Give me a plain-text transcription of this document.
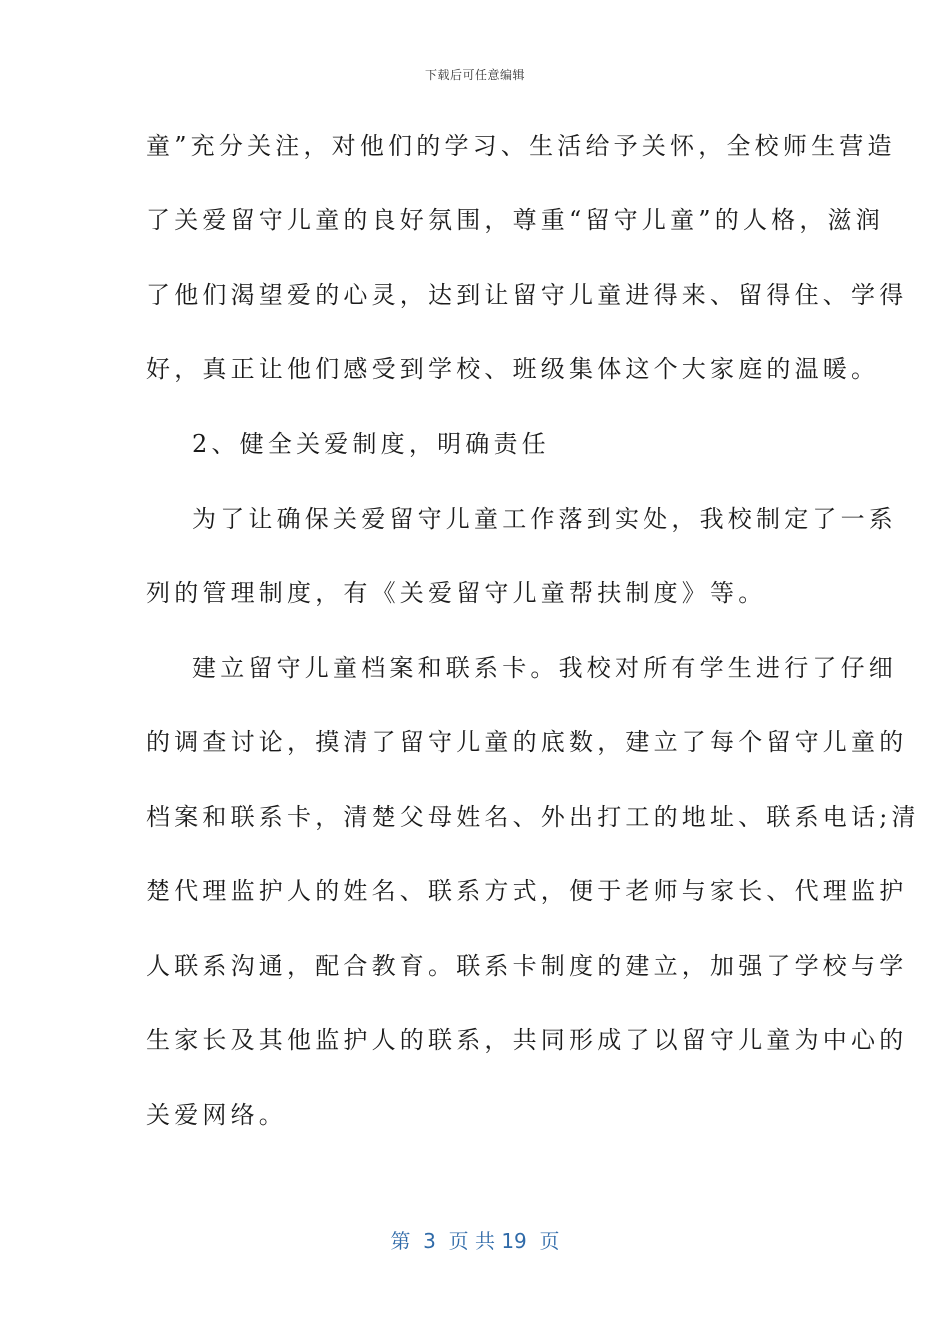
下载后可任意编辑
童”充分关注，对他们的学习、生活给予关怀，全校师生营造
了关爱留守儿童的良好氛围，尊重“留守儿童”的人格，滋润
了他们渴望爱的心灵，达到让留守儿童进得来、留得住、学得
好，真正让他们感受到学校、班级集体这个大家庭的温暖。
2、健全关爱制度，明确责任
为了让确保关爱留守儿童工作落到实处，我校制定了一系
列的管理制度，有《关爱留守儿童帮扶制度》等。
建立留守儿童档案和联系卡。我校对所有学生进行了仔细
的调查讨论，摸清了留守儿童的底数，建立了每个留守儿童的
档案和联系卡，清楚父母姓名、外出打工的地址、联系电话;清
楚代理监护人的姓名、联系方式，便于老师与家长、代理监护
人联系沟通，配合教育。联系卡制度的建立，加强了学校与学
生家长及其他监护人的联系，共同形成了以留守儿童为中心的
关爱网络。
第  3  页 共 19  页
